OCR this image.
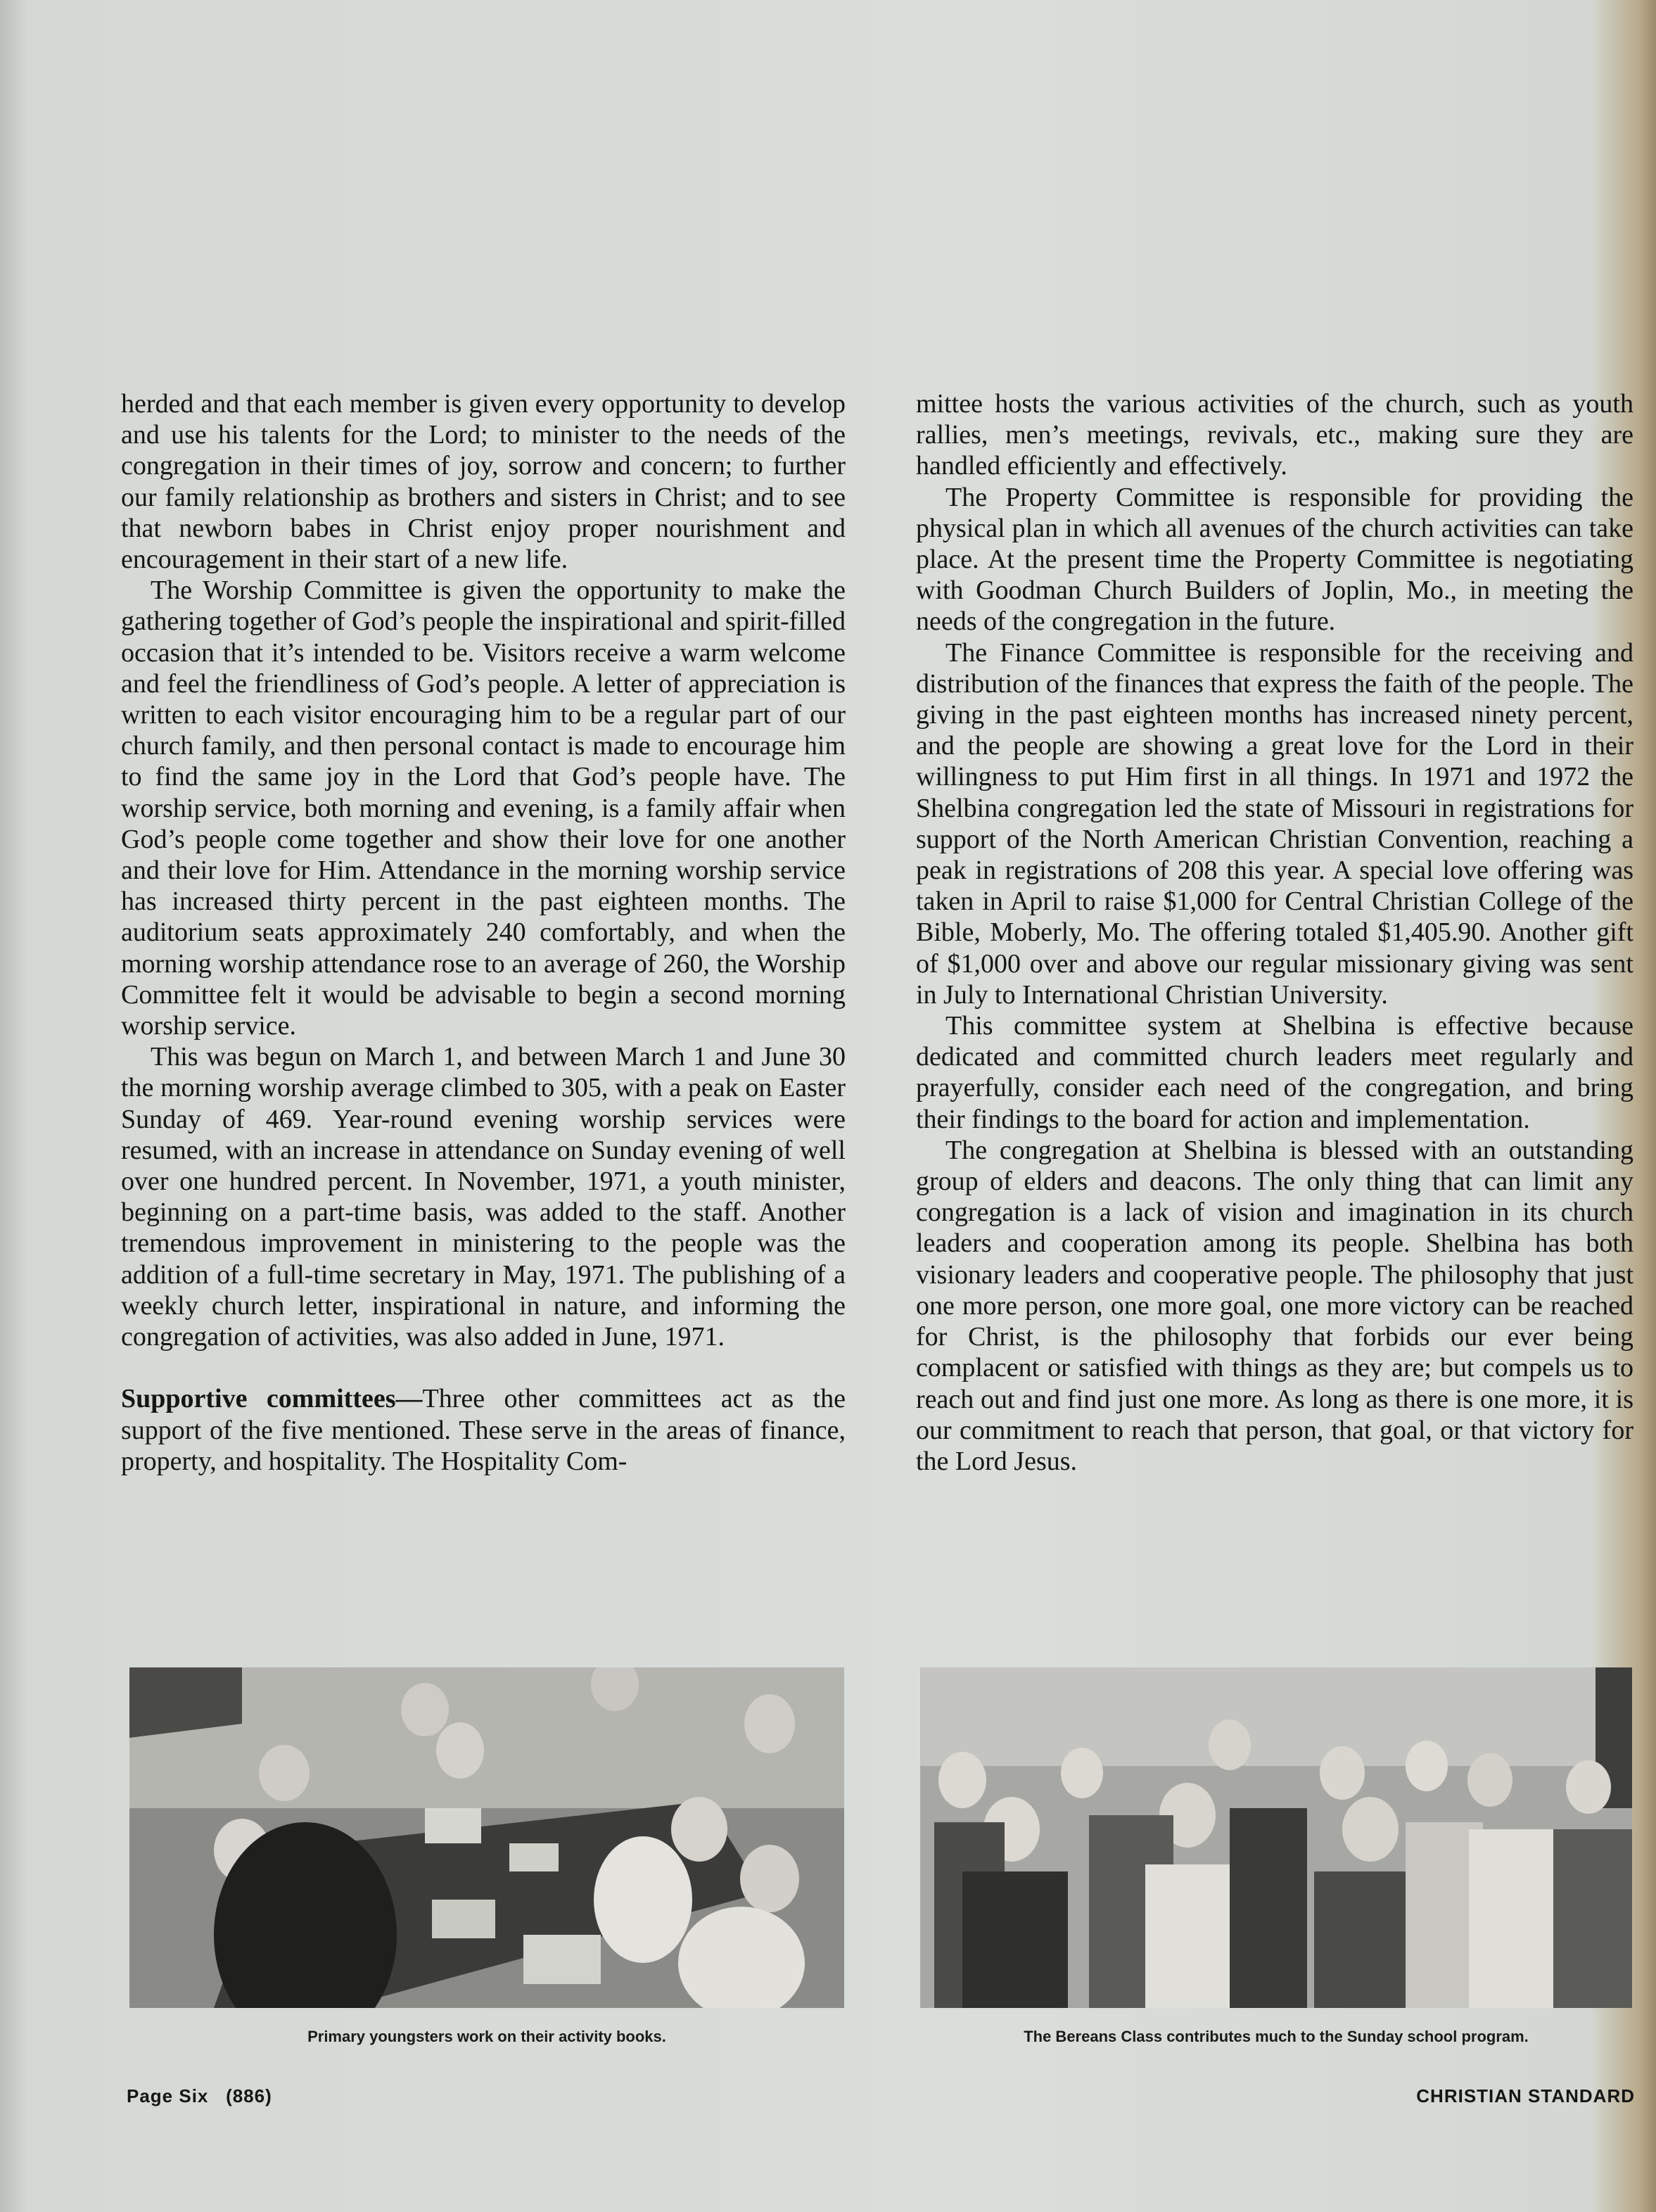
herded and that each member is given every opportunity to develop and use his talents for the Lord; to minister to the needs of the congregation in their times of joy, sorrow and concern; to further our family relationship as brothers and sisters in Christ; and to see that newborn babes in Christ enjoy proper nourishment and encouragement in their start of a new life.

The Worship Committee is given the opportunity to make the gathering together of God’s people the inspirational and spirit-filled occasion that it’s intended to be. Visitors receive a warm welcome and feel the friendliness of God’s people. A letter of appreciation is written to each visitor encouraging him to be a regular part of our church family, and then personal contact is made to encourage him to find the same joy in the Lord that God’s people have. The worship service, both morning and evening, is a family affair when God’s people come together and show their love for one another and their love for Him. Attendance in the morning worship service has increased thirty percent in the past eighteen months. The auditorium seats approximately 240 comfortably, and when the morning worship attendance rose to an average of 260, the Worship Committee felt it would be advisable to begin a second morning worship service.

This was begun on March 1, and between March 1 and June 30 the morning worship average climbed to 305, with a peak on Easter Sunday of 469. Year-round evening worship services were resumed, with an increase in attendance on Sunday evening of well over one hundred percent. In November, 1971, a youth minister, beginning on a part-time basis, was added to the staff. Another tremendous improvement in ministering to the people was the addition of a full-time secretary in May, 1971. The publishing of a weekly church letter, inspirational in nature, and informing the congregation of activities, was also added in June, 1971.

Supportive committees—Three other committees act as the support of the five mentioned. These serve in the areas of finance, property, and hospitality. The Hospitality Com-

mittee hosts the various activities of the church, such as youth rallies, men’s meetings, revivals, etc., making sure they are handled efficiently and effectively.

The Property Committee is responsible for providing the physical plan in which all avenues of the church activities can take place. At the present time the Property Committee is negotiating with Goodman Church Builders of Joplin, Mo., in meeting the needs of the congregation in the future.

The Finance Committee is responsible for the receiving and distribution of the finances that express the faith of the people. The giving in the past eighteen months has increased ninety percent, and the people are showing a great love for the Lord in their willingness to put Him first in all things. In 1971 and 1972 the Shelbina congregation led the state of Missouri in registrations for support of the North American Christian Convention, reaching a peak in registrations of 208 this year. A special love offering was taken in April to raise $1,000 for Central Christian College of the Bible, Moberly, Mo. The offering totaled $1,405.90. Another gift of $1,000 over and above our regular missionary giving was sent in July to International Christian University.

This committee system at Shelbina is effective because dedicated and committed church leaders meet regularly and prayerfully, consider each need of the congregation, and bring their findings to the board for action and implementation.

The congregation at Shelbina is blessed with an outstanding group of elders and deacons. The only thing that can limit any congregation is a lack of vision and imagination in its church leaders and cooperation among its people. Shelbina has both visionary leaders and cooperative people. The philosophy that just one more person, one more goal, one more victory can be reached for Christ, is the philosophy that forbids our ever being complacent or satisfied with things as they are; but compels us to reach out and find just one more. As long as there is one more, it is our commitment to reach that person, that goal, or that victory for the Lord Jesus.

Primary youngsters work on their activity books.	The Bereans Class contributes much to the Sunday school program.
Page Six   (886)	CHRISTIAN STANDARD
